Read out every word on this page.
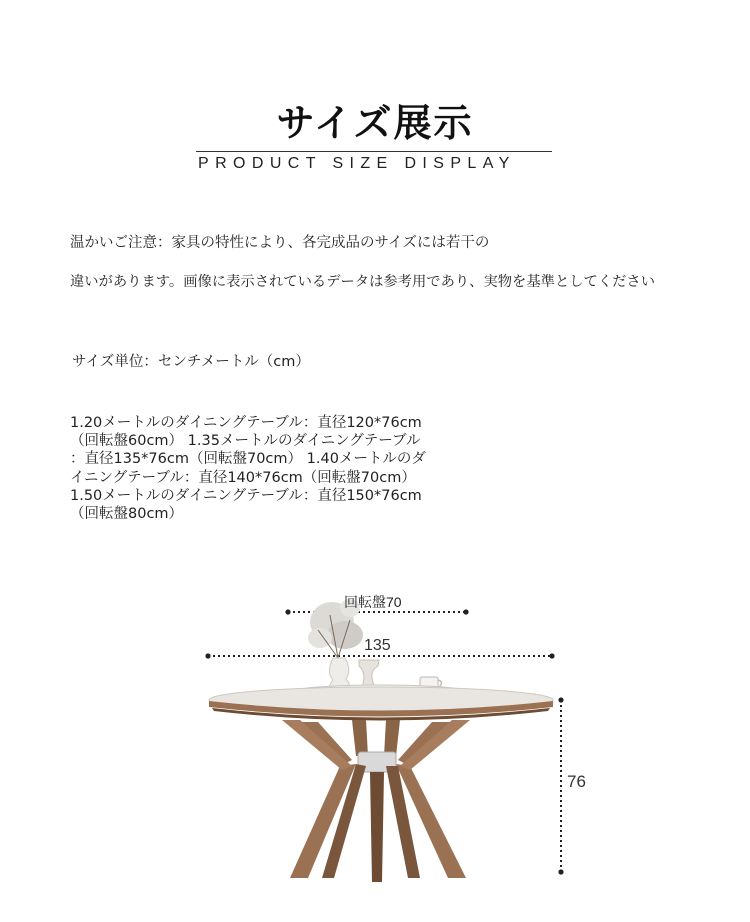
サイズ展示
PRODUCT SIZE DISPLAY
温かいご注意：家具の特性により、各完成品のサイズには若干の
違いがあります。画像に表示されているデータは参考用であり、実物を基準としてください
サイズ単位：センチメートル（cm）
1.20メートルのダイニングテーブル：直径120*76cm
（回転盤60cm） 1.35メートルのダイニングテーブル
：直径135*76cm（回転盤70cm） 1.40メートルのダ
イニングテーブル：直径140*76cm（回転盤70cm）
1.50メートルのダイニングテーブル：直径150*76cm
（回転盤80cm）
回転盤70
135
76
